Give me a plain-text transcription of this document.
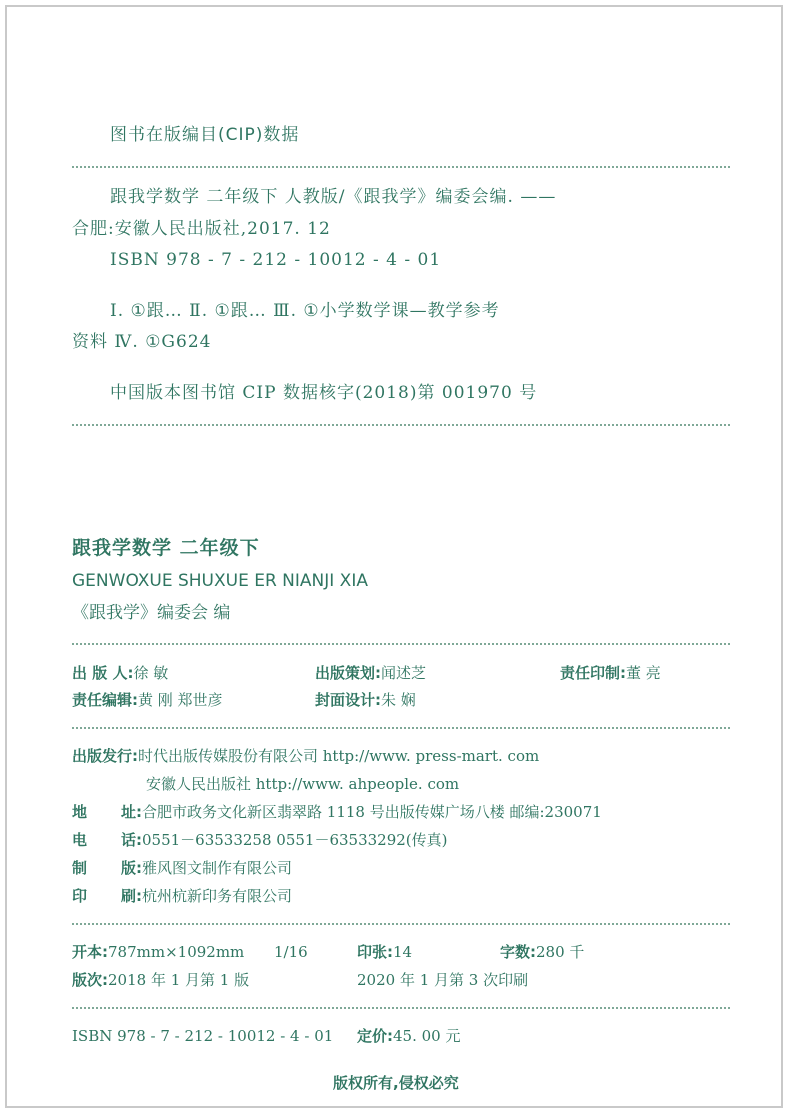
图书在版编目(CIP)数据
跟我学数学 二年级下 人教版/《跟我学》编委会编. ——
合肥:安徽人民出版社,2017. 12
ISBN 978 - 7 - 212 - 10012 - 4 - 01
Ⅰ. ①跟… Ⅱ. ①跟… Ⅲ. ①小学数学课—教学参考
资料 Ⅳ. ①G624
中国版本图书馆 CIP 数据核字(2018)第 001970 号
跟我学数学 二年级下
GENWOXUE SHUXUE ER NIANJI XIA
《跟我学》编委会 编
出 版 人:徐 敏	出版策划:闻述芝	责任印制:董 亮
责任编辑:黄 刚 郑世彦	封面设计:朱 娴
出版发行:时代出版传媒股份有限公司 http://www. press-mart. com
安徽人民出版社 http://www. ahpeople. com
地 址:合肥市政务文化新区翡翠路 1118 号出版传媒广场八楼 邮编:230071
电 话:0551－63533258 0551－63533292(传真)
制 版:雅风图文制作有限公司
印 刷:杭州杭新印务有限公司
开本:787mm×1092mm 1/16	印张:14	字数:280 千
版次:2018 年 1 月第 1 版	2020 年 1 月第 3 次印刷
ISBN 978 - 7 - 212 - 10012 - 4 - 01 定价:45. 00 元
版权所有,侵权必究
